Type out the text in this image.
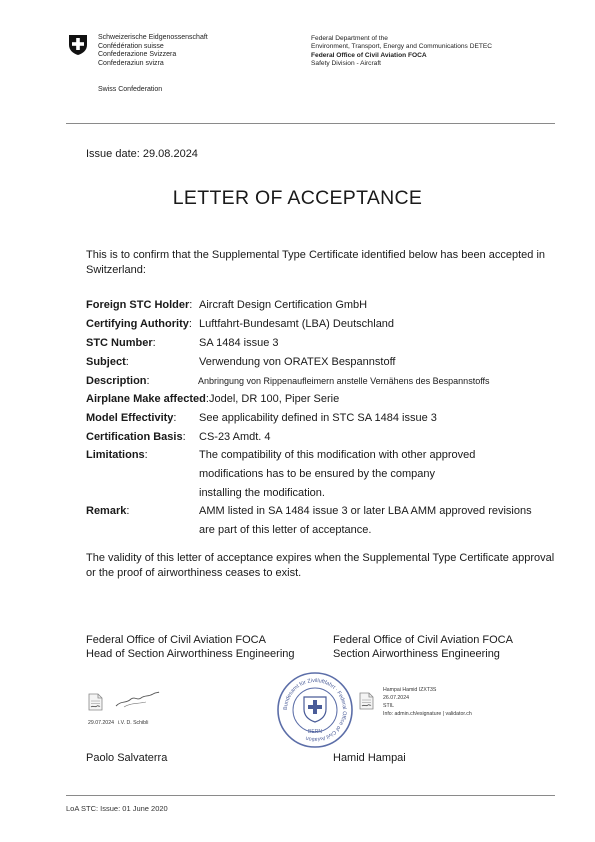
Schweizerische Eidgenossenschaft
Confédération suisse
Confederazione Svizzera
Confederaziun svizra
Swiss Confederation
Federal Department of the
Environment, Transport, Energy and Communications DETEC
Federal Office of Civil Aviation FOCA
Safety Division - Aircraft
Issue date: 29.08.2024
LETTER OF ACCEPTANCE
This is to confirm that the Supplemental Type Certificate identified below has been accepted in Switzerland:
Foreign STC Holder: Aircraft Design Certification GmbH
Certifying Authority: Luftfahrt-Bundesamt (LBA) Deutschland
STC Number:	SA 1484 issue 3
Subject:	Verwendung von ORATEX Bespannstoff
Description:	Anbringung von Rippenaufleimern anstelle Vernähens des Bespannstoffs
Airplane Make affected: Jodel, DR 100, Piper Serie
Model Effectivity: See applicability defined in STC SA 1484 issue 3
Certification Basis: CS-23 Amdt. 4
Limitations:	The compatibility of this modification with other approved
modifications has to be ensured by the company
installing the modification.
Remark:	AMM listed in SA 1484 issue 3 or later LBA AMM approved revisions
are part of this letter of acceptance.
The validity of this letter of acceptance expires when the Supplemental Type Certificate approval or the proof of airworthiness ceases to exist.
Federal Office of Civil Aviation FOCA
Head of Section Airworthiness Engineering
29.07.2024 i.V. D. Schibli
Paolo Salvaterra
Bundesamt für Zivilluftfahrt · Federal Office of Civil Aviation
BERN
Federal Office of Civil Aviation FOCA
Section Airworthiness Engineering
Hampai Hamid IZXT3S
26.07.2024
STIL
Info: admin.ch/esignature | validator.ch
Hamid Hampai
LoA STC: Issue: 01 June 2020
